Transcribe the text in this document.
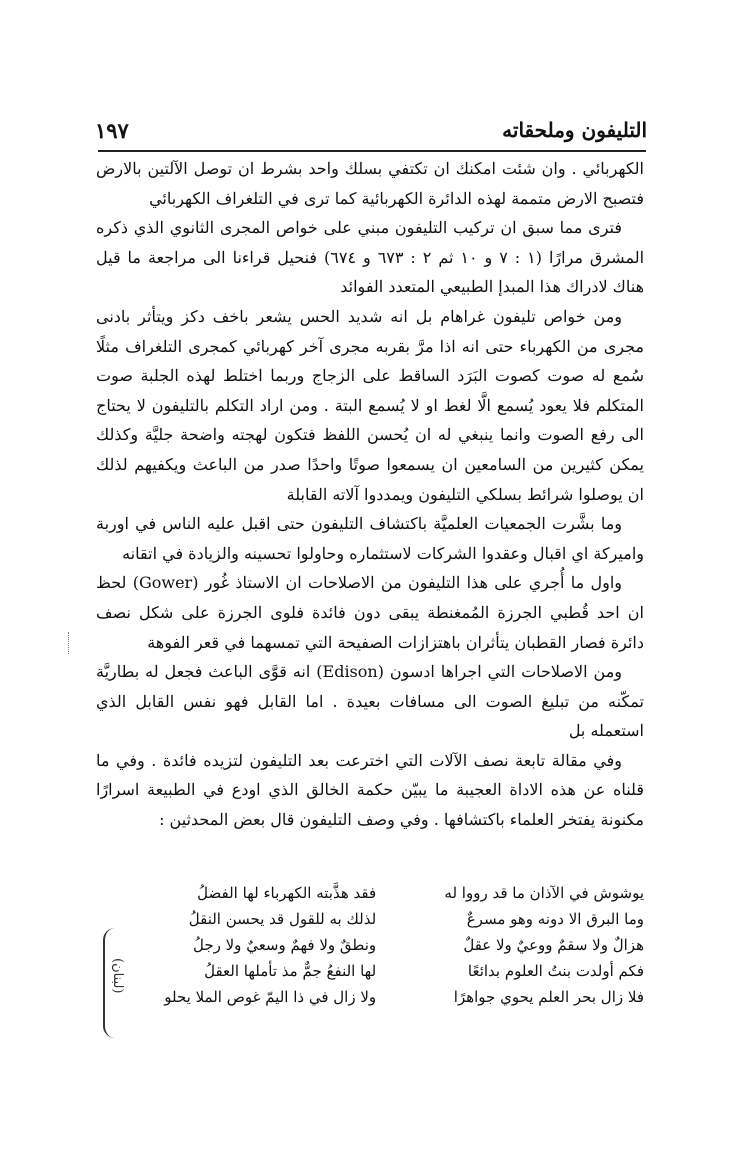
التليفون وملحقاته
١٩٧

الكهربائي . وان شئت امكنك ان تكتفي بسلك واحد بشرط ان توصل الآلتين بالارض فتصبح الارض متممة لهذه الدائرة الكهربائية كما ترى في التلغراف الكهربائي

فترى مما سبق ان تركيب التليفون مبني على خواص المجرى الثانوي الذي ذكره المشرق مرارًا (١ : ٧ و ١٠ ثم ٢ : ٦٧٣ و ٦٧٤) فنحيل قراءنا الى مراجعة ما قيل هناك لادراك هذا المبدإ الطبيعي المتعدد الفوائد

ومن خواص تليفون غراهام بل انه شديد الحس يشعر باخف دكز ويتأثر بادنى مجرى من الكهرباء حتى انه اذا مرَّ بقربه مجرى آخر كهربائي كمجرى التلغراف مثلًا سُمع له صوت كصوت البَرَد الساقط على الزجاج وربما اختلط لهذه الجلبة صوت المتكلم فلا يعود يُسمع الَّا لغط او لا يُسمع البتة . ومن اراد التكلم بالتليفون لا يحتاج الى رفع الصوت وانما ينبغي له ان يُحسن اللفظ فتكون لهجته واضحة جليَّة وكذلك يمكن كثيرين من السامعين ان يسمعوا صوتًا واحدًا صدر من الباعث ويكفيهم لذلك ان يوصلوا شرائط بسلكي التليفون ويمددوا آلاته القابلة

وما بشَّرت الجمعيات العلميَّة باكتشاف التليفون حتى اقبل عليه الناس في اوربة واميركة اي اقبال وعقدوا الشركات لاستثماره وحاولوا تحسينه والزيادة في اتقانه

واول ما أُجري على هذا التليفون من الاصلاحات ان الاستاذ غُور (Gower) لحظ ان احد قُطبي الجرزة المُمغنطة يبقى دون فائدة فلوى الجرزة على شكل نصف دائرة فصار القطبان يتأثران باهتزازات الصفيحة التي تمسهما في قعر الفوهة

ومن الاصلاحات التي اجراها ادسون (Edison) انه قوَّى الباعث فجعل له بطاريَّة تمكّنه من تبليغ الصوت الى مسافات بعيدة . اما القابل فهو نفس القابل الذي استعمله بل

وفي مقالة تابعة نصف الآلات التي اخترعت بعد التليفون لتزيده فائدة . وفي ما قلناه عن هذه الاداة العجيبة ما يبيّن حكمة الخالق الذي اودع في الطبيعة اسرارًا مكنونة يفتخر العلماء باكتشافها . وفي وصف التليفون قال بعض المحدثين :

يوشوش في الآذان ما قد رووا له
فقد هذَّبته الكهرباء لها الفضلُ
وما البرق الا دونه وهو مسرعٌ
لذلك به للقول قد يحسن النقلُ
هزالٌ ولا سقمٌ ووعيٌ ولا عقلٌ
ونطقٌ ولا فهمٌ وسعيٌ ولا رجلُ
فكم أولدت بنتُ العلوم بدائعًا
لها النفعُ جمٌّ مذ تأملها العقلُ
فلا زال بحر العلم يحوي جواهرًا
ولا زال في ذا اليمّ غوص الملا يحلو
(لبنان)
